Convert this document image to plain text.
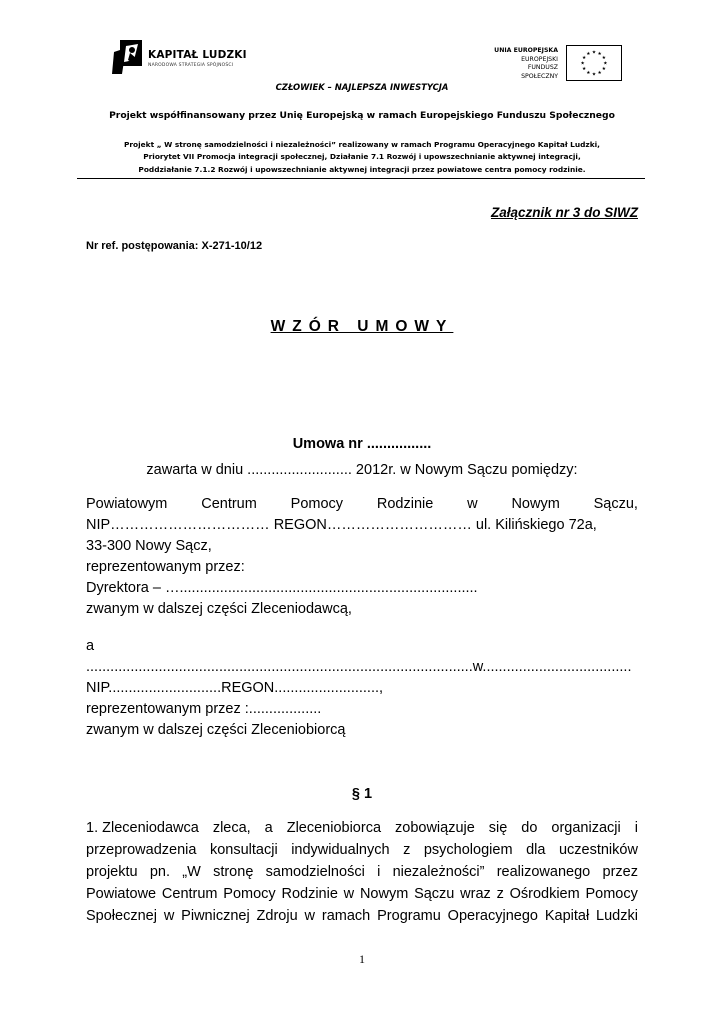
KAPITAŁ LUDZKI
NARODOWA STRATEGIA SPÓJNOŚCI
UNIA EUROPEJSKA
EUROPEJSKI
FUNDUSZ SPOŁECZNY
★ ★
★
★
★
★
★
★
★
★
★
★
CZŁOWIEK – NAJLEPSZA INWESTYCJA
Projekt współfinansowany przez Unię Europejską w ramach Europejskiego Funduszu Społecznego
Projekt „ W stronę samodzielności i niezależności” realizowany w ramach Programu Operacyjnego Kapitał Ludzki,
Priorytet VII Promocja integracji społecznej, Działanie 7.1 Rozwój i upowszechnianie aktywnej integracji,
Poddziałanie 7.1.2 Rozwój i upowszechnianie aktywnej integracji przez powiatowe centra pomocy rodzinie.
Załącznik nr 3 do SIWZ
Nr ref. postępowania: X-271-10/12
WZÓR UMOWY
Umowa nr ................
zawarta w dniu .......................... 2012r. w Nowym Sączu pomiędzy:
Powiatowym Centrum Pomocy Rodzinie w Nowym Sączu,
NIP…………………………… REGON………………………… ul. Kilińskiego 72a,
33-300 Nowy Sącz,
reprezentowanym przez:
Dyrektora – …..........................................................................
zwanym w dalszej części Zleceniodawcą,
a
................................................................................................w.....................................
NIP............................REGON..........................,
reprezentowanym przez :..................
zwanym w dalszej części Zleceniobiorcą
§ 1
1. Zleceniodawca zleca, a Zleceniobiorca zobowiązuje się do organizacji i
przeprowadzenia konsultacji indywidualnych z psychologiem dla uczestników
projektu pn. „W stronę samodzielności i niezależności” realizowanego przez
Powiatowe Centrum Pomocy Rodzinie w Nowym Sączu wraz z Ośrodkiem Pomocy
Społecznej w Piwnicznej Zdroju w ramach Programu Operacyjnego Kapitał Ludzki
1
